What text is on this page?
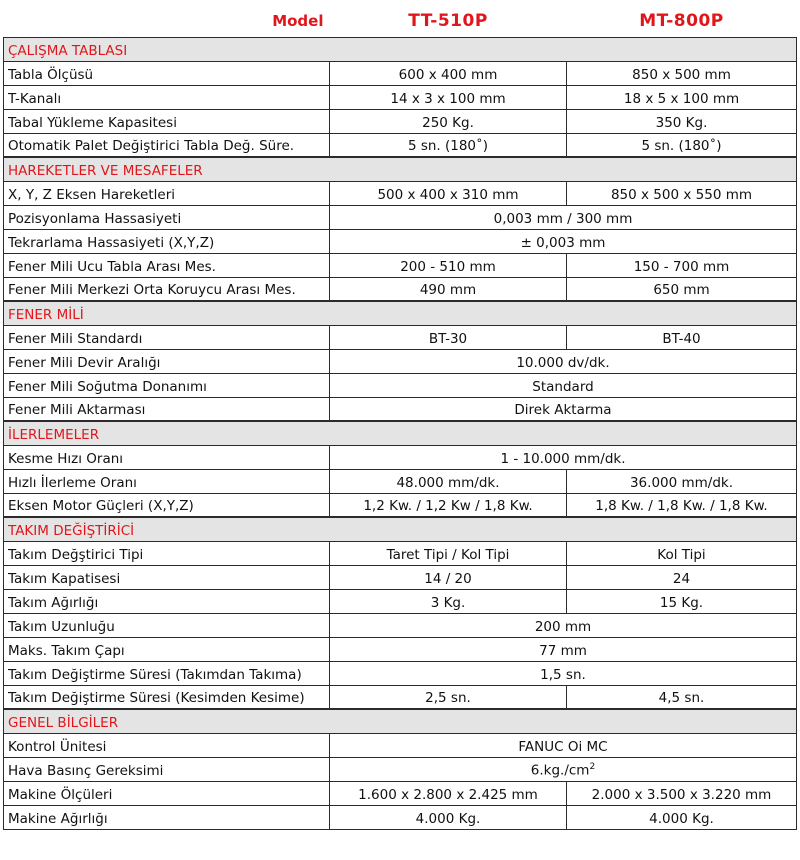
Model	TT-510P	MT-800P
ÇALIŞMA TABLASI		
Tabla Ölçüsü	600 x 400 mm	850 x 500 mm
T-Kanalı	14 x 3 x 100 mm	18 x 5 x 100 mm
Tabal Yükleme Kapasitesi	250 Kg.	350 Kg.
Otomatik Palet Değiştirici Tabla Değ. Süre.	5 sn. (180˚)	5 sn. (180˚)
HAREKETLER VE MESAFELER		
X, Y, Z Eksen Hareketleri	500 x 400 x 310 mm	850 x 500 x 550 mm
Pozisyonlama Hassasiyeti	0,003 mm / 300 mm	
Tekrarlama Hassasiyeti (X,Y,Z)	± 0,003 mm	
Fener Mili Ucu Tabla Arası Mes.	200 - 510 mm	150 - 700 mm
Fener Mili Merkezi Orta Koruycu Arası Mes.	490 mm	650 mm
FENER MİLİ		
Fener Mili Standardı	BT-30	BT-40
Fener Mili Devir Aralığı	10.000 dv/dk.	
Fener Mili Soğutma Donanımı	Standard	
Fener Mili Aktarması	Direk Aktarma	
İLERLEMELER		
Kesme Hızı Oranı	1 - 10.000 mm/dk.	
Hızlı İlerleme Oranı	48.000 mm/dk.	36.000 mm/dk.
Eksen Motor Güçleri (X,Y,Z)	1,2 Kw. / 1,2 Kw / 1,8 Kw.	1,8 Kw. / 1,8 Kw. / 1,8 Kw.
TAKIM DEĞİŞTİRİCİ		
Takım Değştirici Tipi	Taret Tipi / Kol Tipi	Kol Tipi
Takım Kapatisesi	14 / 20	24
Takım Ağırlığı	3 Kg.	15 Kg.
Takım Uzunluğu	200 mm	
Maks. Takım Çapı	77 mm	
Takım Değiştirme Süresi (Takımdan Takıma)	1,5 sn.	
Takım Değiştirme Süresi (Kesimden Kesime)	2,5 sn.	4,5 sn.
GENEL BİLGİLER		
Kontrol Ünitesi	FANUC Oi MC	
Hava Basınç Gereksimi	$6.kg./cm^2$
Makine Ölçüleri	1.600 x 2.800 x 2.425 mm	2.000 x 3.500 x 3.220 mm
Makine Ağırlığı	4.000 Kg.	4.000 Kg.
